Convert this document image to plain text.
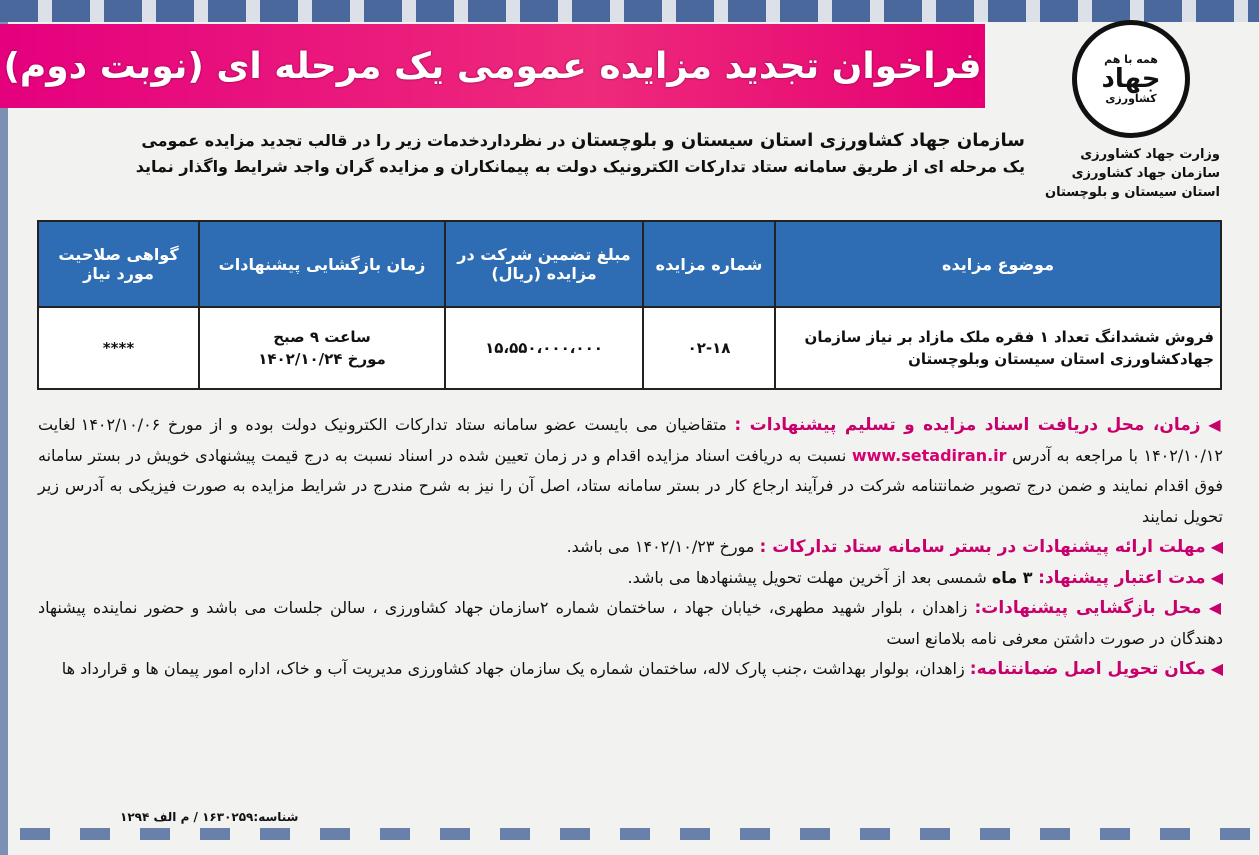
فراخوان تجدید مزایده عمومی یک مرحله ای (نوبت دوم)	همه با هم
جهاد
کشاورزی
وزارت جهاد کشاورزی
سازمان جهاد کشاورزی
استان سیستان و بلوچستان
سازمان جهاد کشاورزی استان سیستان و بلوچستان در نظرداردخدمات زیر را در قالب تجدید مزایده عمومی
یک مرحله ای از طریق سامانه ستاد تدارکات الکترونیک دولت به پیمانکاران و مزایده گران واجد شرایط واگذار نماید
موضوع مزایده	شماره مزایده	مبلغ تضمین شرکت در مزایده (ریال)	زمان بازگشایی پیشنهادات	گواهی صلاحیت مورد نیاز
فروش ششدانگ تعداد ۱ فقره ملک مازاد بر نیاز سازمان جهادکشاورزی استان سیستان وبلوچستان	۰۲-۱۸	۱۵،۵۵۰،۰۰۰،۰۰۰	ساعت ۹ صبح
مورخ ۱۴۰۲/۱۰/۲۴	****

◀ زمان، محل دریافت اسناد مزایده و تسلیم پیشنهادات : متقاضیان می بایست عضو سامانه ستاد تدارکات الکترونیک دولت بوده و از مورخ ۱۴۰۲/۱۰/۰۶ لغایت ۱۴۰۲/۱۰/۱۲ با مراجعه به آدرس www.setadiran.ir نسبت به دریافت اسناد مزایده اقدام و در زمان تعیین شده در اسناد نسبت به درج قیمت پیشنهادی خویش در بستر سامانه فوق اقدام نمایند و ضمن درج تصویر ضمانتنامه شرکت در فرآیند ارجاع کار در بستر سامانه ستاد، اصل آن را نیز به شرح مندرج در شرایط مزایده به صورت فیزیکی به آدرس زیر تحویل نمایند

◀ مهلت ارائه پیشنهادات در بستر سامانه ستاد تدارکات : مورخ ۱۴۰۲/۱۰/۲۳ می باشد.

◀ مدت اعتبار پیشنهاد: ۳ ماه شمسی بعد از آخرین مهلت تحویل پیشنهادها می باشد.

◀ محل بازگشایی پیشنهادات: زاهدان ، بلوار شهید مطهری، خیابان جهاد ، ساختمان شماره ۲سازمان جهاد کشاورزی ، سالن جلسات می باشد و حضور نماینده پیشنهاد دهندگان در صورت داشتن معرفی نامه بلامانع است

◀ مکان تحویل اصل ضمانتنامه: زاهدان، بولوار بهداشت ،جنب پارک لاله، ساختمان شماره یک سازمان جهاد کشاورزی مدیریت آب و خاک، اداره امور پیمان ها و قرارداد ها

شناسه:۱۶۳۰۲۵۹ / م الف ۱۲۹۴
